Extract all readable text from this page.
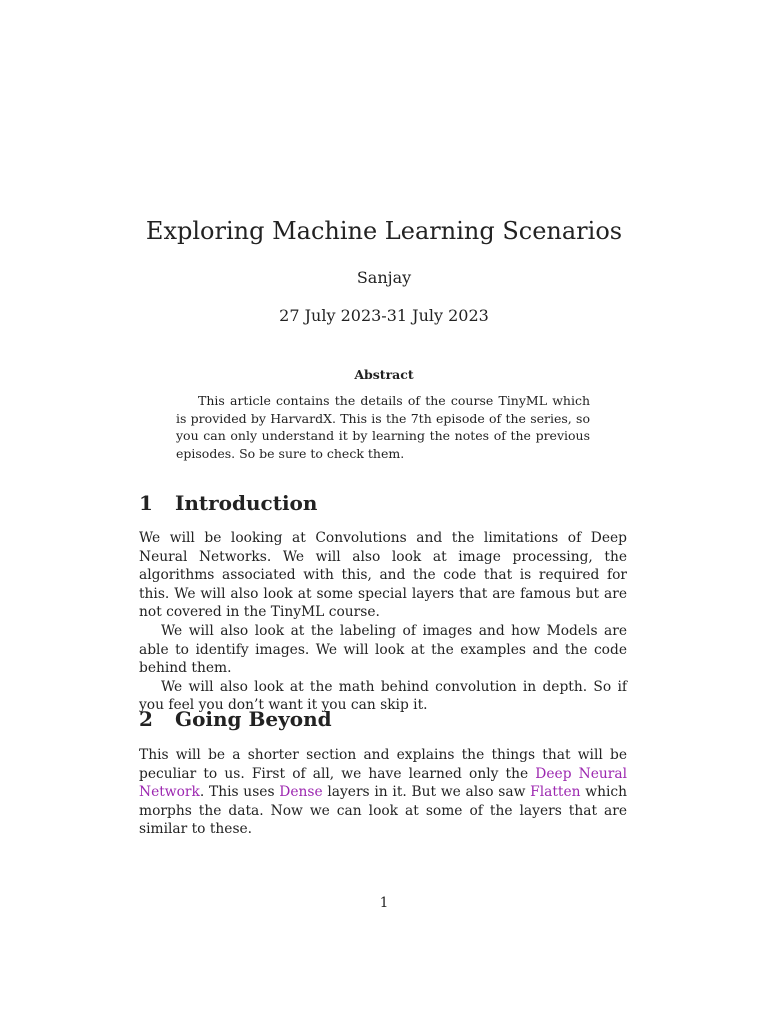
Exploring Machine Learning Scenarios
Sanjay
27 July 2023-31 July 2023
Abstract

This article contains the details of the course TinyML which is provided by HarvardX. This is the 7th episode of the series, so you can only understand it by learning the notes of the previous episodes. So be sure to check them.

1 Introduction

We will be looking at Convolutions and the limitations of Deep Neural Networks. We will also look at image processing, the algorithms associated with this, and the code that is required for this. We will also look at some special layers that are famous but are not covered in the TinyML course.

We will also look at the labeling of images and how Models are able to identify images. We will look at the examples and the code behind them.

We will also look at the math behind convolution in depth. So if you feel you don’t want it you can skip it.

2 Going Beyond

This will be a shorter section and explains the things that will be peculiar to us. First of all, we have learned only the Deep Neural Network. This uses Dense layers in it. But we also saw Flatten which morphs the data. Now we can look at some of the layers that are similar to these.

1
